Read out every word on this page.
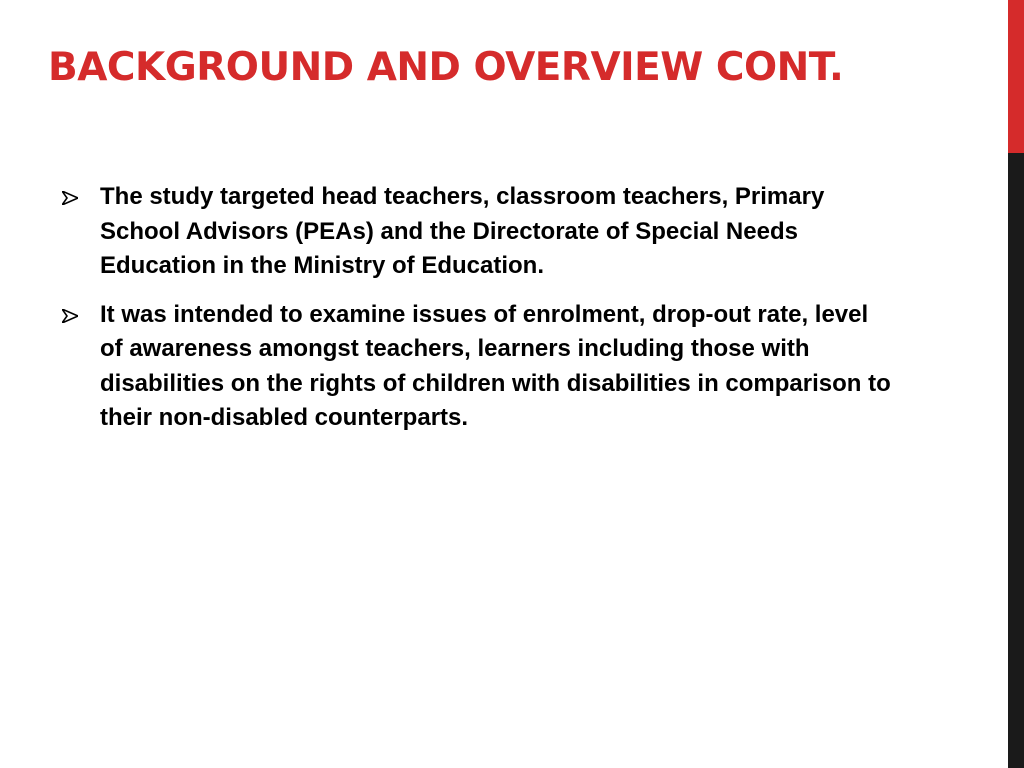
BACKGROUND AND OVERVIEW CONT.
The study targeted head teachers, classroom teachers, Primary School Advisors (PEAs) and the Directorate of Special Needs Education in the Ministry of Education.
It was intended to examine issues of enrolment, drop-out rate, level of awareness amongst teachers, learners including those with disabilities on the rights of children with disabilities in comparison to their non-disabled counterparts.
